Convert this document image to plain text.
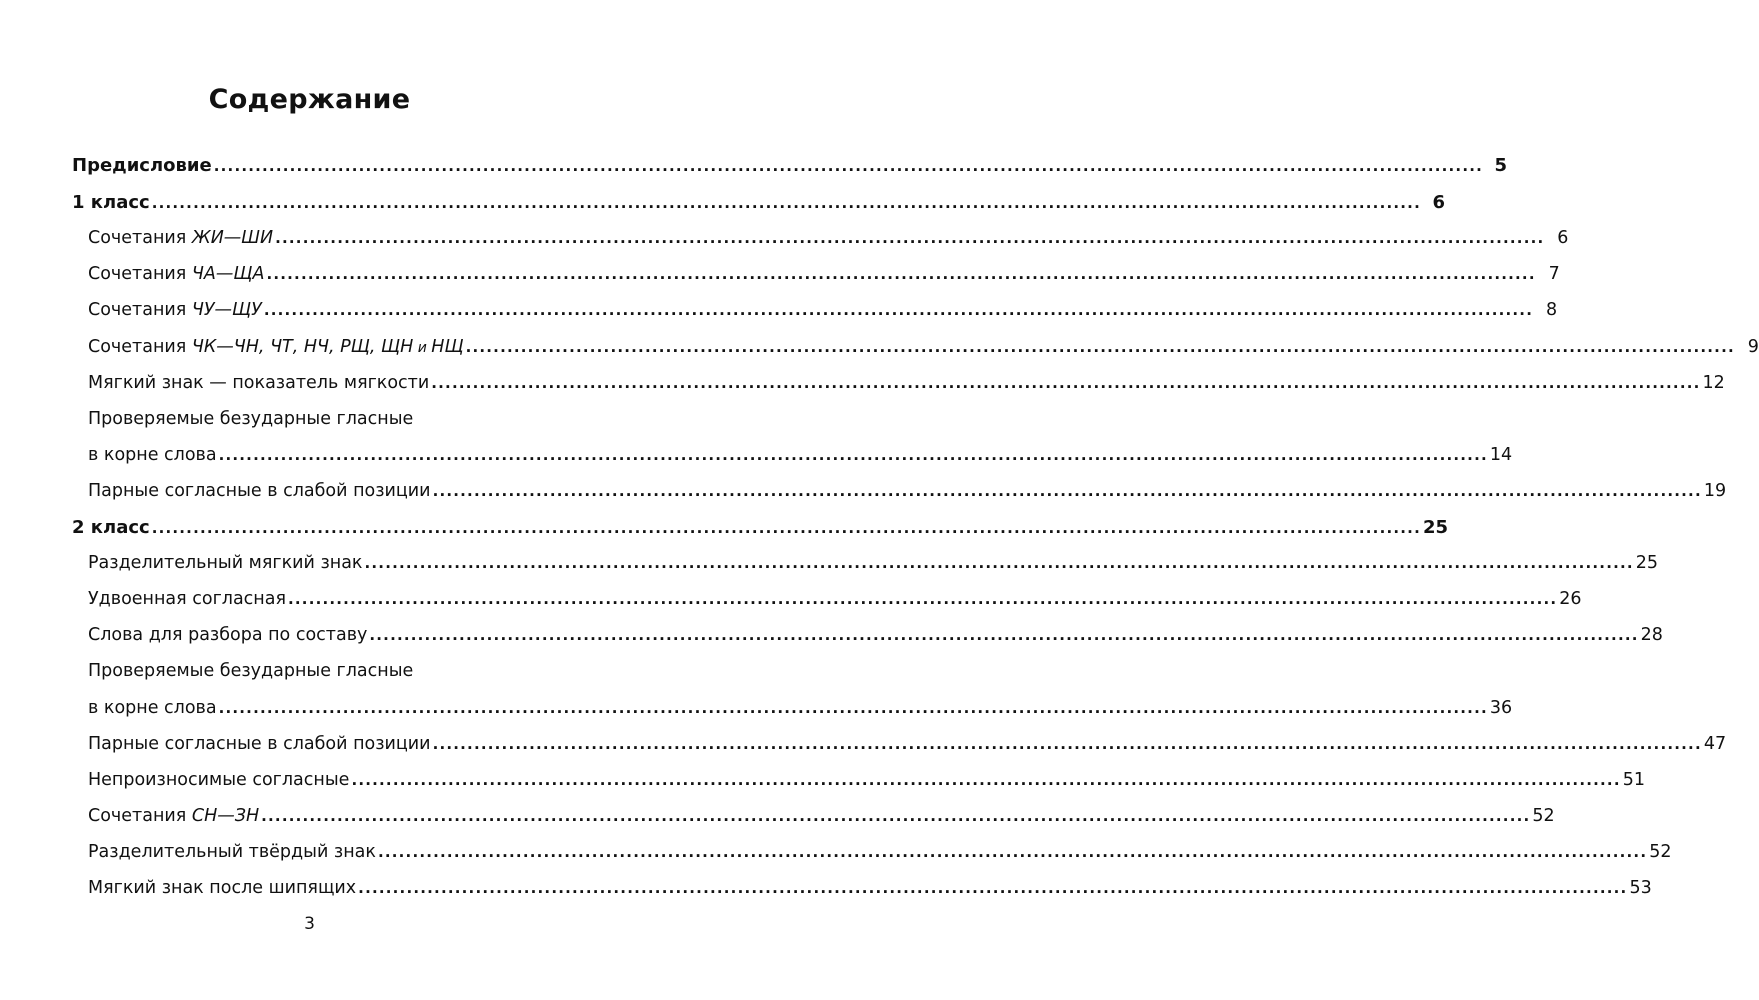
Содержание
Предисловие .....	5
1 класс .....	6
Сочетания ЖИ—ШИ .....	6
Сочетания ЧА—ЩА .....	7
Сочетания ЧУ—ЩУ .....	8
Сочетания ЧК—ЧН, ЧТ, НЧ, РЩ, ЩН и НЩ .....	9
Мягкий знак — показатель мягкости .....	12
Проверяемые безударные гласные
в корне слова .....	14
Парные согласные в слабой позиции .....	19
2 класс .....	25
Разделительный мягкий знак .....	25
Удвоенная согласная .....	26
Слова для разбора по составу .....	28
Проверяемые безударные гласные
в корне слова .....	36
Парные согласные в слабой позиции .....	47
Непроизносимые согласные .....	51
Сочетания СН—ЗН .....	52
Разделительный твёрдый знак .....	52
Мягкий знак после шипящих .....	53
3
